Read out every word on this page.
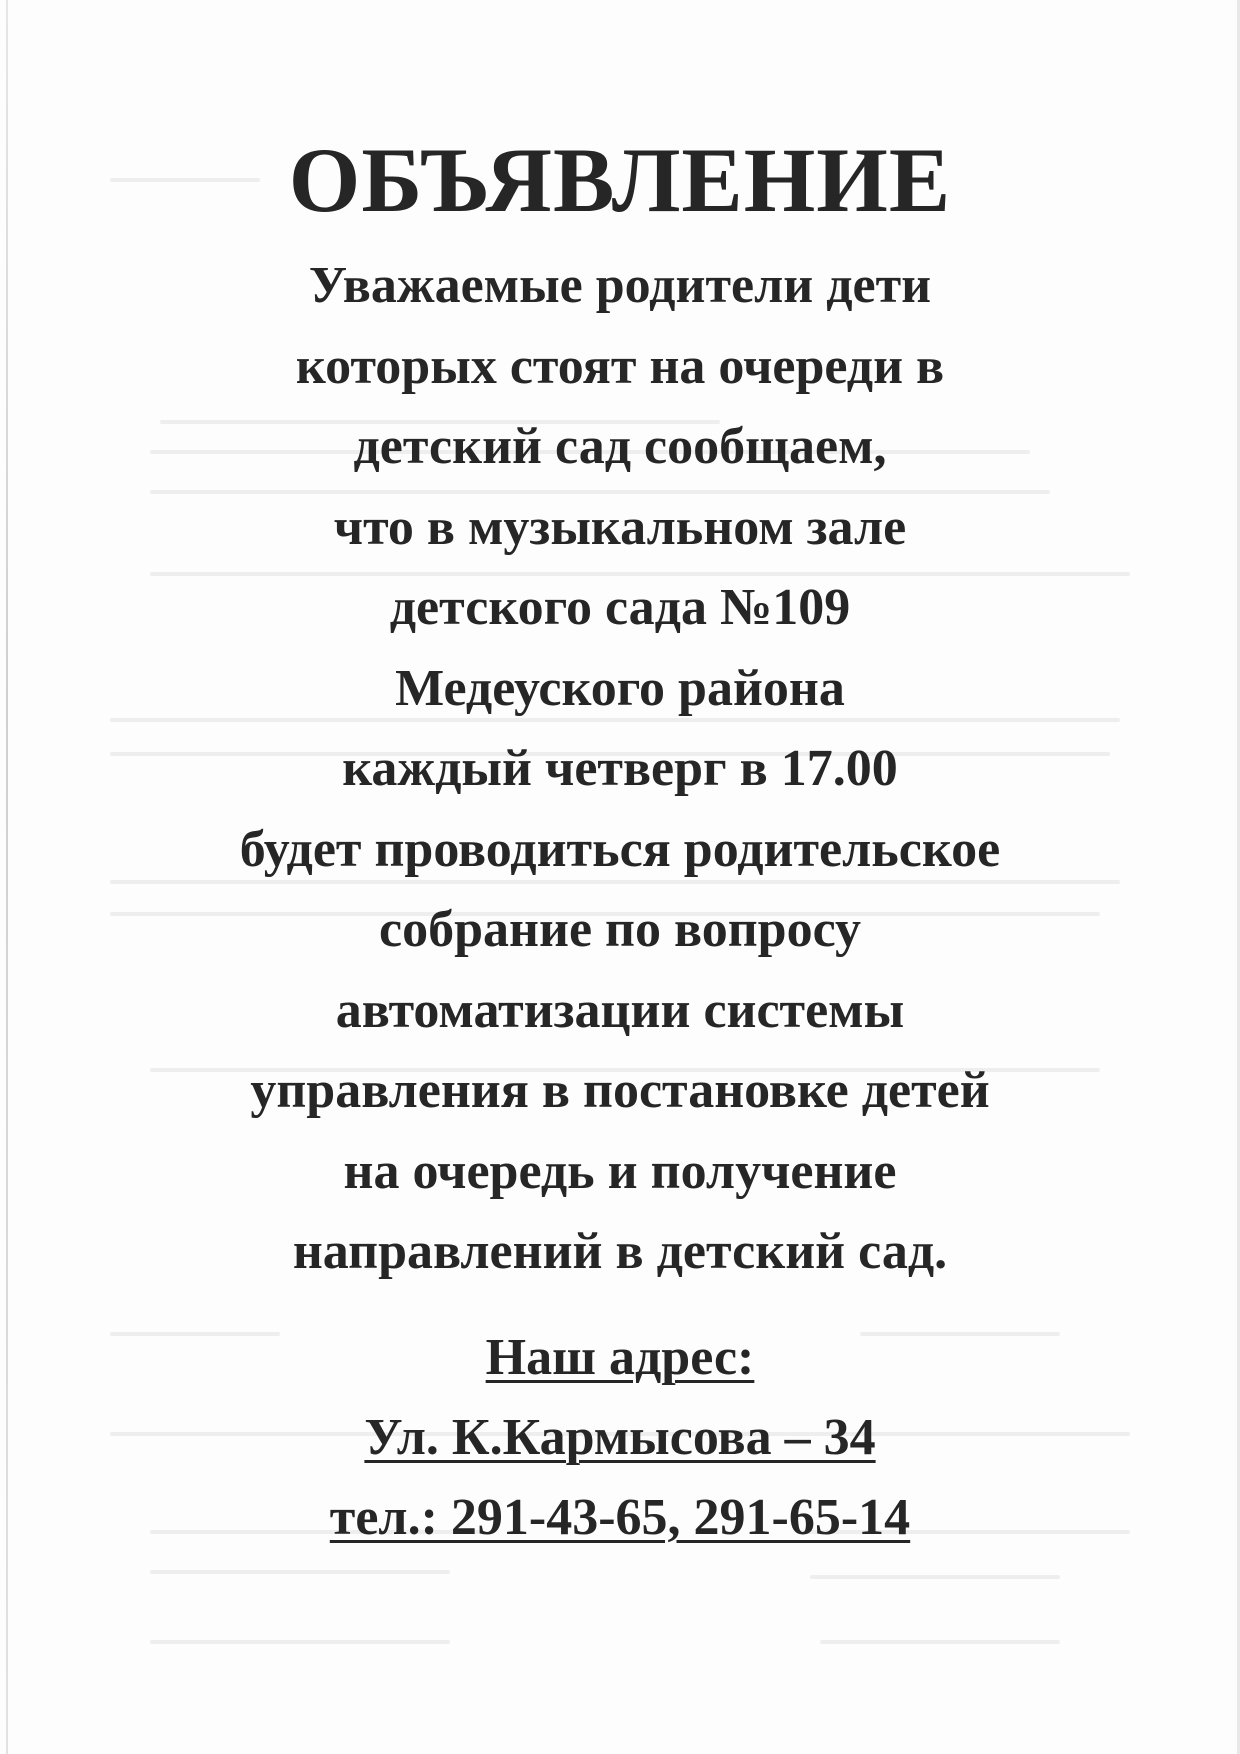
ОБЪЯВЛЕНИЕ
Уважаемые родители дети
которых стоят на очереди в
детский сад сообщаем,
что в музыкальном зале
детского сада №109
Медеуского района
каждый четверг в 17.00
будет проводиться родительское
собрание по вопросу
автоматизации системы
управления в постановке детей
на очередь и получение
направлений в детский сад.
Наш адрес:
Ул. К.Кармысова – 34
тел.: 291-43-65, 291-65-14
